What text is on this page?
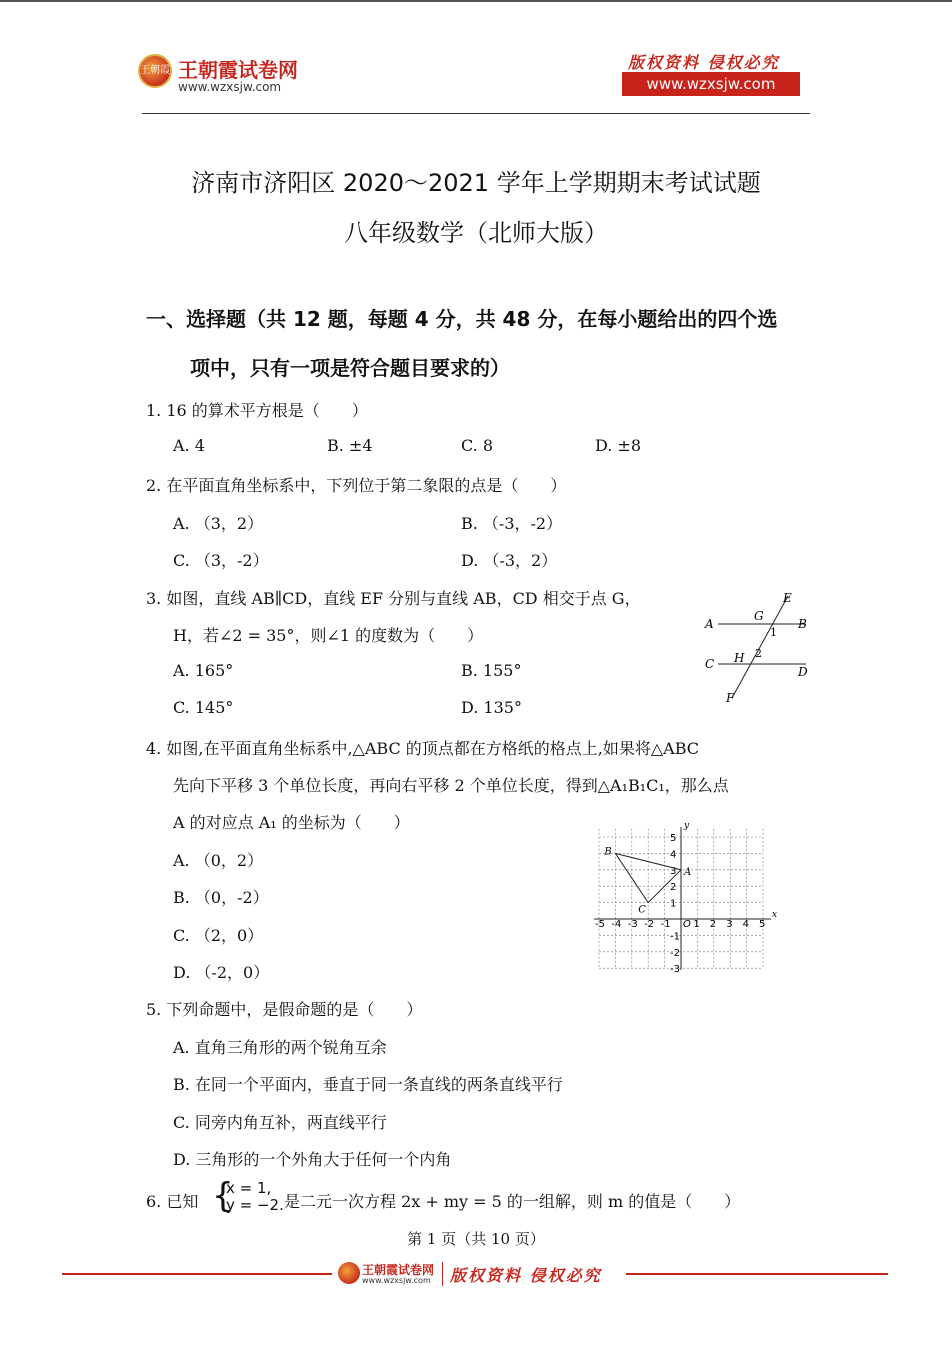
王朝霞 王朝霞试卷网
www.wzxsjw.com
版权资料 侵权必究
www.wzxsjw.com
济南市济阳区 2020～2021 学年上学期期末考试试题
八年级数学（北师大版）
一、选择题（共 12 题，每题 4 分，共 48 分，在每小题给出的四个选
项中，只有一项是符合题目要求的）
1. 16 的算术平方根是（　　）
A. 4	B. ±4	C. 8	D. ±8
2. 在平面直角坐标系中，下列位于第二象限的点是（　　）
A. （3，2）	B. （-3，-2）
C. （3，-2）	D. （-3，2）
3. 如图，直线 AB∥CD，直线 EF 分别与直线 AB，CD 相交于点 G，
H，若∠2 = 35°，则∠1 的度数为（　　）
A. 165°	B. 155°
C. 145°	D. 135°
A	B
C
D
E
F
G
H
1
2
4. 如图,在平面直角坐标系中,△ABC 的顶点都在方格纸的格点上,如果将△ABC
先向下平移 3 个单位长度，再向右平移 2 个单位长度，得到△A₁B₁C₁，那么点
A 的对应点 A₁ 的坐标为（　　）
A. （0，2）
B. （0，-2）
C. （2，0）
D. （-2，0）
x
y
-5 -4 -3 -2 -1 O 1 2 3 4 5
5
4
3
2
1
-1
-2
-3
B
C
A
5. 下列命题中，是假命题的是（　　）
A. 直角三角形的两个锐角互余
B. 在同一个平面内，垂直于同一条直线的两条直线平行
C. 同旁内角互补，两直线平行
D. 三角形的一个外角大于任何一个内角
6. 已知 {
x = 1,
y = −2. 是二元一次方程 2x + my = 5 的一组解，则 m 的值是（　　）
第 1 页（共 10 页）
王朝霞试卷网
www.wzxsjw.com 版权资料 侵权必究
